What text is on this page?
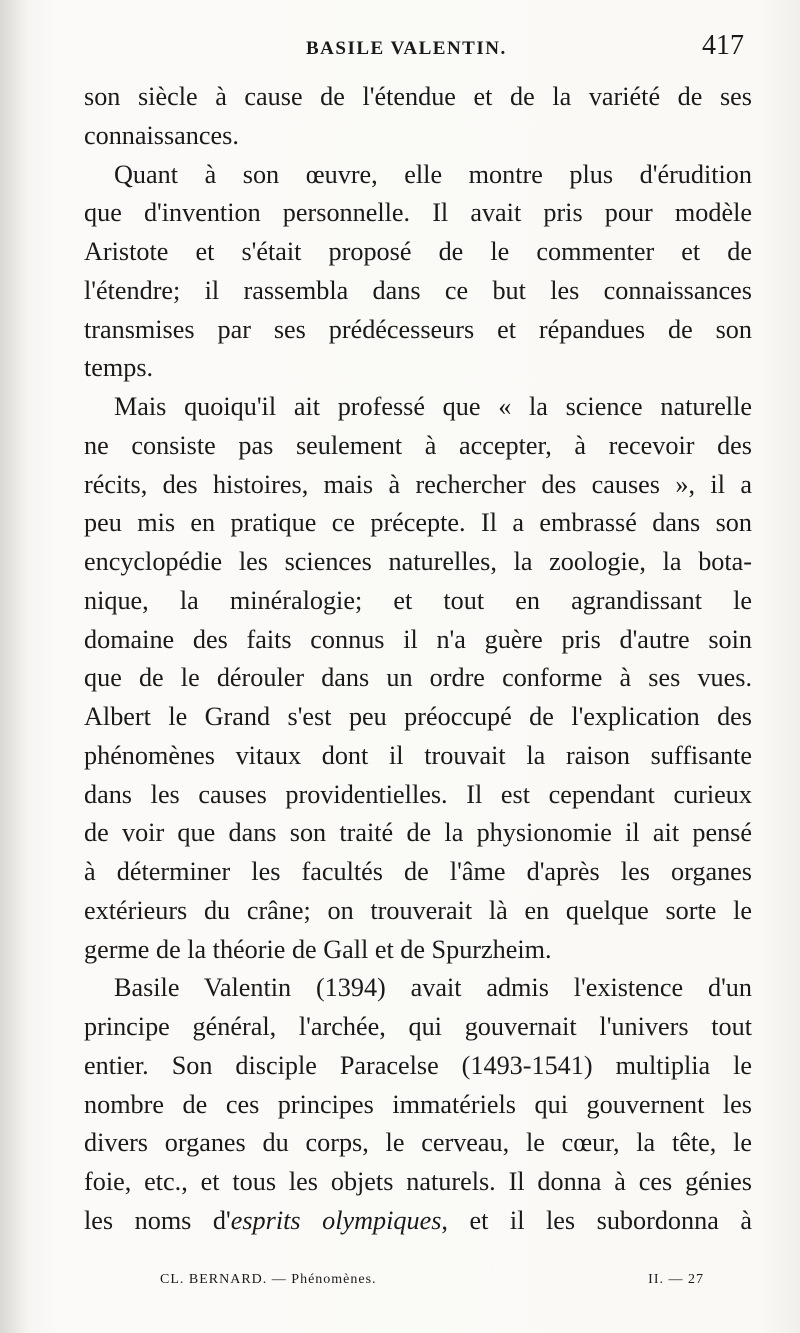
BASILE VALENTIN.	417
son siècle à cause de l'étendue et de la variété de ses
connaissances.
Quant à son œuvre, elle montre plus d'érudition
que d'invention personnelle. Il avait pris pour modèle
Aristote et s'était proposé de le commenter et de
l'étendre; il rassembla dans ce but les connaissances
transmises par ses prédécesseurs et répandues de son
temps.
Mais quoiqu'il ait professé que « la science naturelle
ne consiste pas seulement à accepter, à recevoir des
récits, des histoires, mais à rechercher des causes », il a
peu mis en pratique ce précepte. Il a embrassé dans son
encyclopédie les sciences naturelles, la zoologie, la bota-
nique, la minéralogie; et tout en agrandissant le
domaine des faits connus il n'a guère pris d'autre soin
que de le dérouler dans un ordre conforme à ses vues.
Albert le Grand s'est peu préoccupé de l'explication des
phénomènes vitaux dont il trouvait la raison suffisante
dans les causes providentielles. Il est cependant curieux
de voir que dans son traité de la physionomie il ait pensé
à déterminer les facultés de l'âme d'après les organes
extérieurs du crâne; on trouverait là en quelque sorte le
germe de la théorie de Gall et de Spurzheim.
Basile Valentin (1394) avait admis l'existence d'un
principe général, l'archée, qui gouvernait l'univers tout
entier. Son disciple Paracelse (1493-1541) multiplia le
nombre de ces principes immatériels qui gouvernent les
divers organes du corps, le cerveau, le cœur, la tête, le
foie, etc., et tous les objets naturels. Il donna à ces génies
les noms d'esprits olympiques, et il les subordonna à
CL. BERNARD. — Phénomènes.	II. — 27
